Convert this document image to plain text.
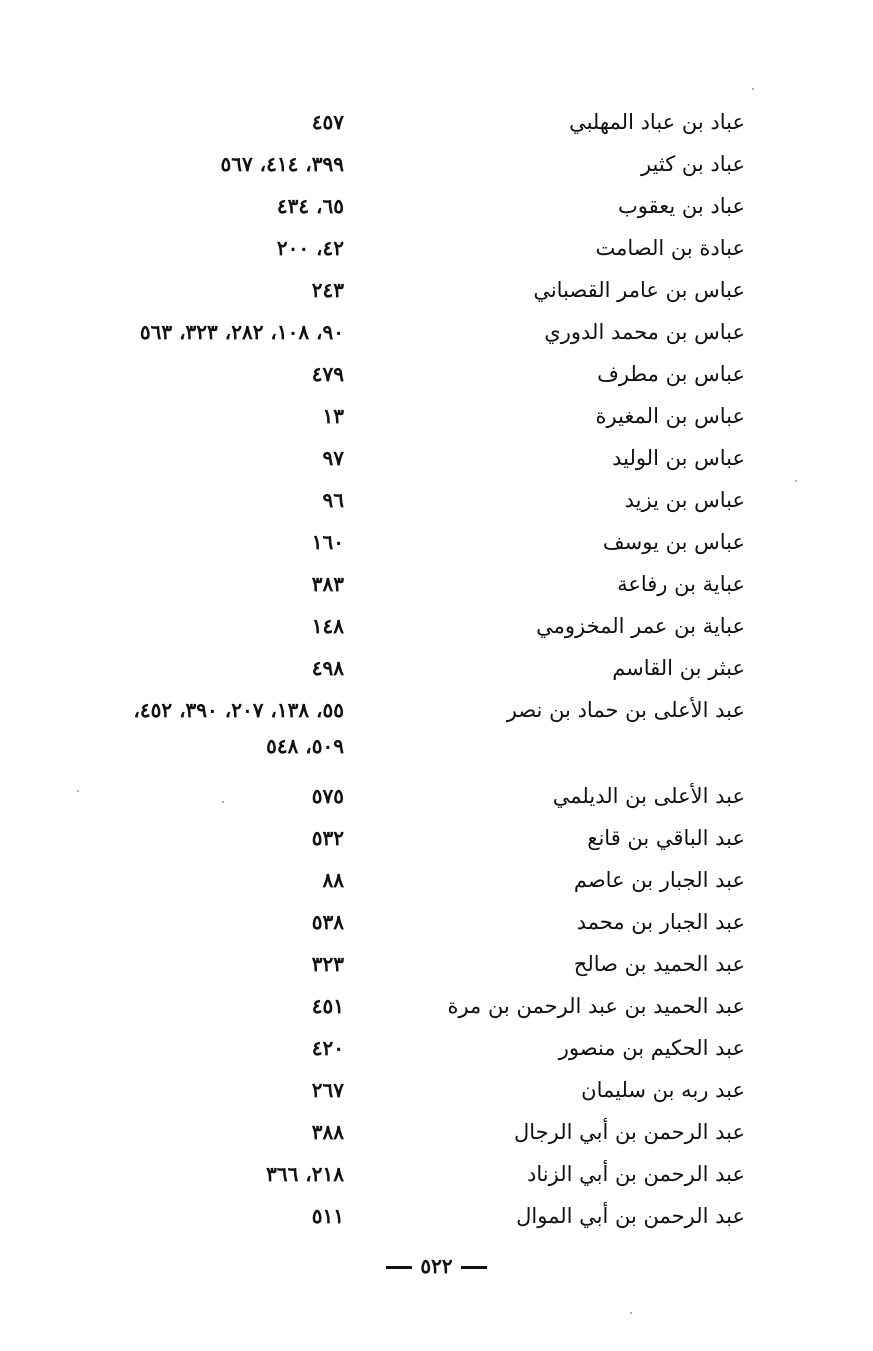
عباد بن عباد المهلبي
٤٥٧
عباد بن كثير
٣٩٩، ٤١٤، ٥٦٧
عباد بن يعقوب
٦٥، ٤٣٤
عبادة بن الصامت
٤٢، ٢٠٠
عباس بن عامر القصباني
٢٤٣
عباس بن محمد الدوري
٩٠، ١٠٨، ٢٨٢، ٣٢٣، ٥٦٣
عباس بن مطرف
٤٧٩
عباس بن المغيرة
١٣
عباس بن الوليد
٩٧
عباس بن يزيد
٩٦
عباس بن يوسف
١٦٠
عباية بن رفاعة
٣٨٣
عباية بن عمر المخزومي
١٤٨
عبثر بن القاسم
٤٩٨
عبد الأعلى بن حماد بن نصر
٥٥، ١٣٨، ٢٠٧، ٣٩٠، ٤٥٢،
٥٠٩، ٥٤٨
عبد الأعلى بن الديلمي
٥٧٥
عبد الباقي بن قانع
٥٣٢
عبد الجبار بن عاصم
٨٨
عبد الجبار بن محمد
٥٣٨
عبد الحميد بن صالح
٣٢٣
عبد الحميد بن عبد الرحمن بن مرة
٤٥١
عبد الحكيم بن منصور
٤٢٠
عبد ربه بن سليمان
٢٦٧
عبد الرحمن بن أبي الرجال
٣٨٨
عبد الرحمن بن أبي الزناد
٢١٨، ٣٦٦
عبد الرحمن بن أبي الموال
٥١١
٥٢٢
